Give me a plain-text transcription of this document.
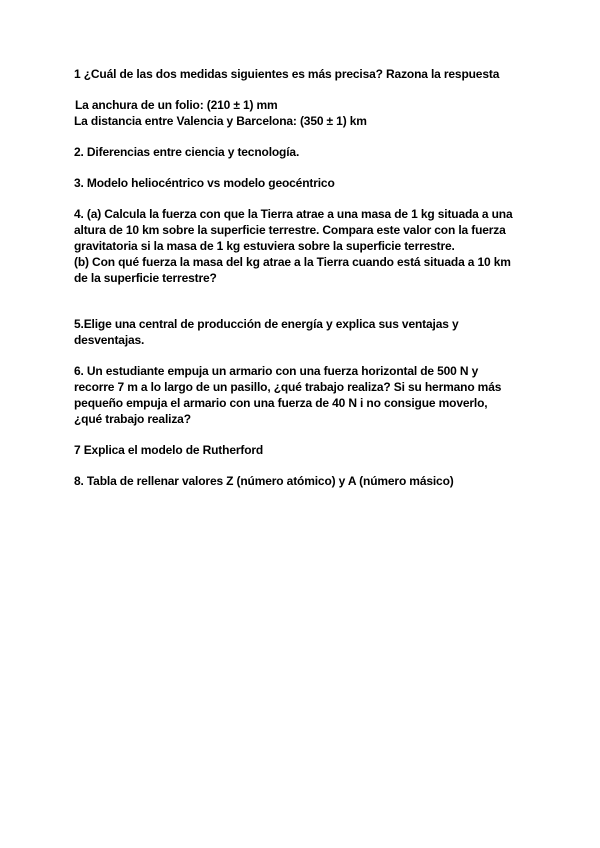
1 ¿Cuál de las dos medidas siguientes es más precisa? Razona la respuesta
La anchura de un folio: (210 ± 1) mm
La distancia entre Valencia y Barcelona: (350 ± 1) km
2. Diferencias entre ciencia y tecnología.
3. Modelo heliocéntrico vs modelo geocéntrico
4. (a) Calcula la fuerza con que la Tierra atrae a una masa de 1 kg situada a una
altura de 10 km sobre la superficie terrestre. Compara este valor con la fuerza
gravitatoria si la masa de 1 kg estuviera sobre la superficie terrestre.
(b) Con qué fuerza la masa del kg atrae a la Tierra cuando está situada a 10 km
de la superficie terrestre?
5.Elige una central de producción de energía y explica sus ventajas y
desventajas.
6. Un estudiante empuja un armario con una fuerza horizontal de 500 N y
recorre 7 m a lo largo de un pasillo, ¿qué trabajo realiza? Si su hermano más
pequeño empuja el armario con una fuerza de 40 N i no consigue moverlo,
¿qué trabajo realiza?
7 Explica el modelo de Rutherford
8. Tabla de rellenar valores Z (número atómico) y A (número másico)
